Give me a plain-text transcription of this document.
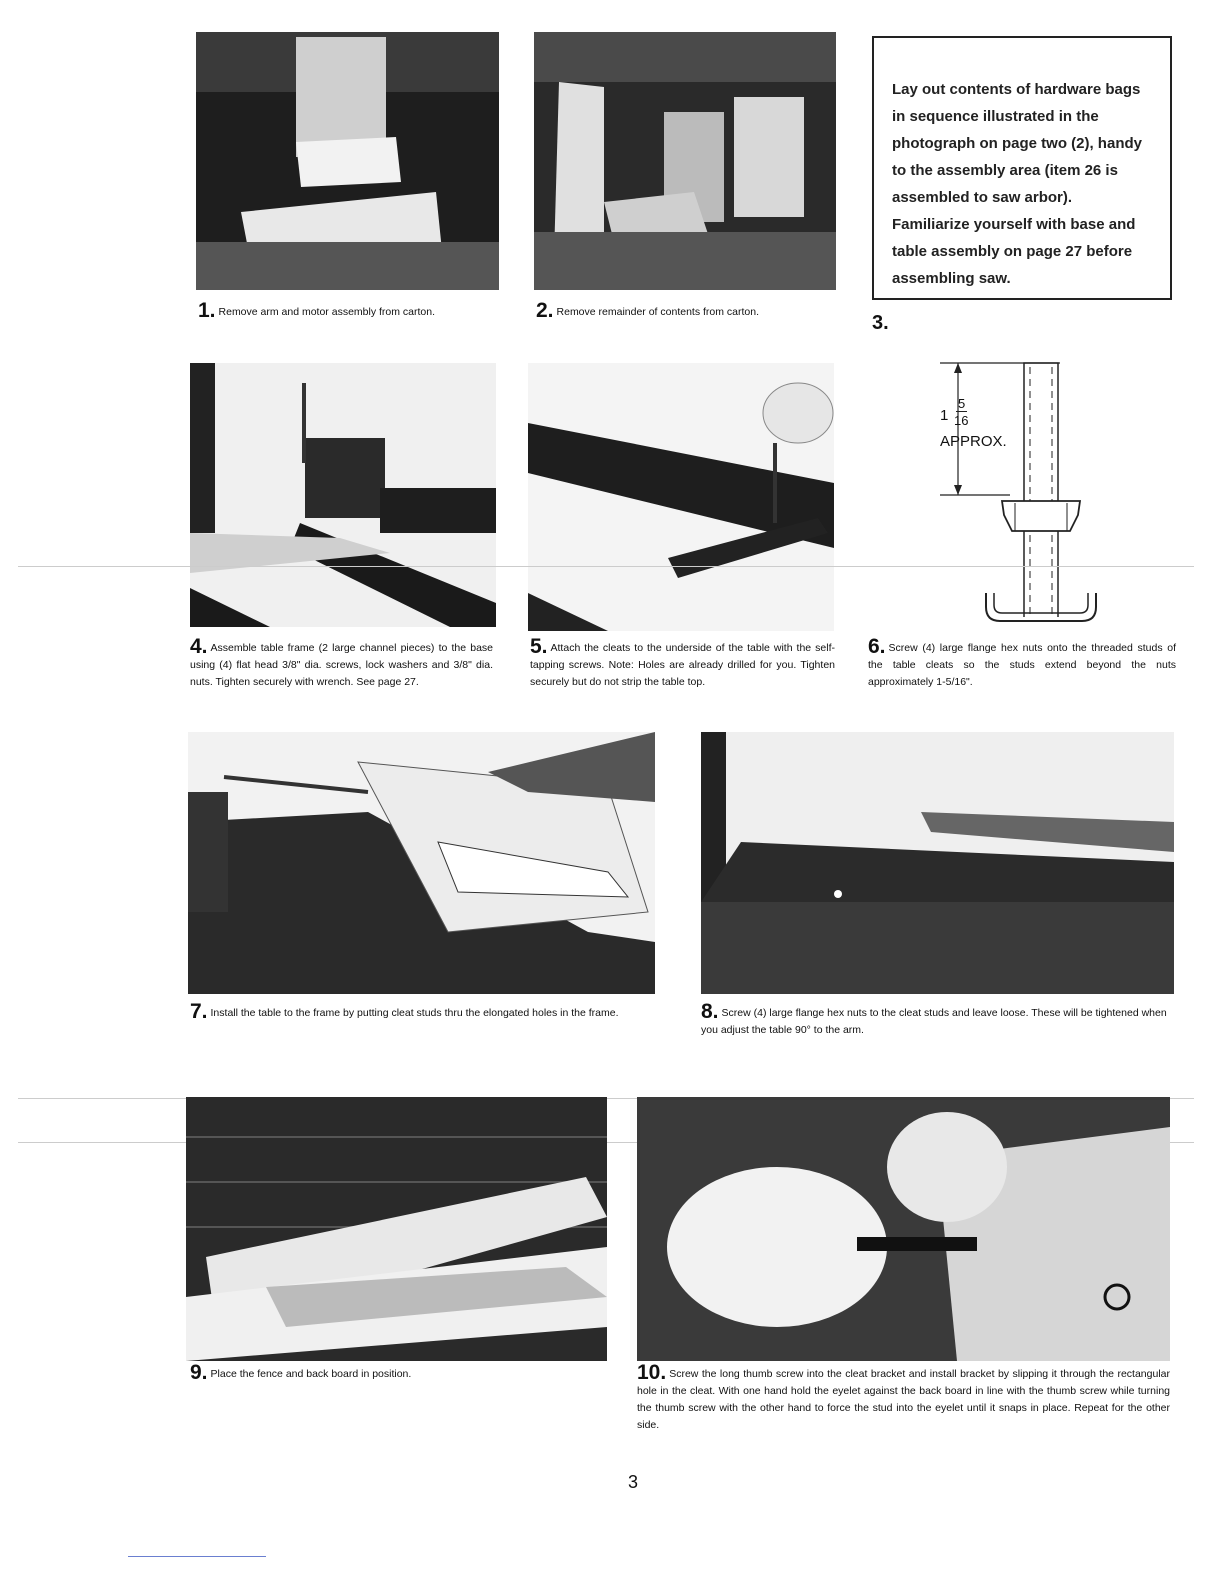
1. Remove arm and motor assembly from carton.	2. Remove remainder of contents from carton.
Lay out contents of hardware bags in sequence illustrated in the photograph on page two (2), handy to the assembly area (item 26 is assembled to saw arbor). Familiarize yourself with base and table assembly on page 27 before assembling saw.
3.
1
5
16
APPROX.
4. Assemble table frame (2 large channel pieces) to the base using (4) flat head 3/8" dia. screws, lock washers and 3/8" dia. nuts. Tighten securely with wrench. See page 27.
5. Attach the cleats to the underside of the table with the self-tapping screws. Note: Holes are already drilled for you. Tighten securely but do not strip the table top.
6. Screw (4) large flange hex nuts onto the threaded studs of the table cleats so the studs extend beyond the nuts approximately 1-5/16".
7. Install the table to the frame by putting cleat studs thru the elongated holes in the frame.	8. Screw (4) large flange hex nuts to the cleat studs and leave loose. These will be tightened when you adjust the table 90° to the arm.
9. Place the fence and back board in position.	10. Screw the long thumb screw into the cleat bracket and install bracket by slipping it through the rectangular hole in the cleat. With one hand hold the eyelet against the back board in line with the thumb screw while turning the thumb screw with the other hand to force the stud into the eyelet until it snaps in place. Repeat for the other side.
3
